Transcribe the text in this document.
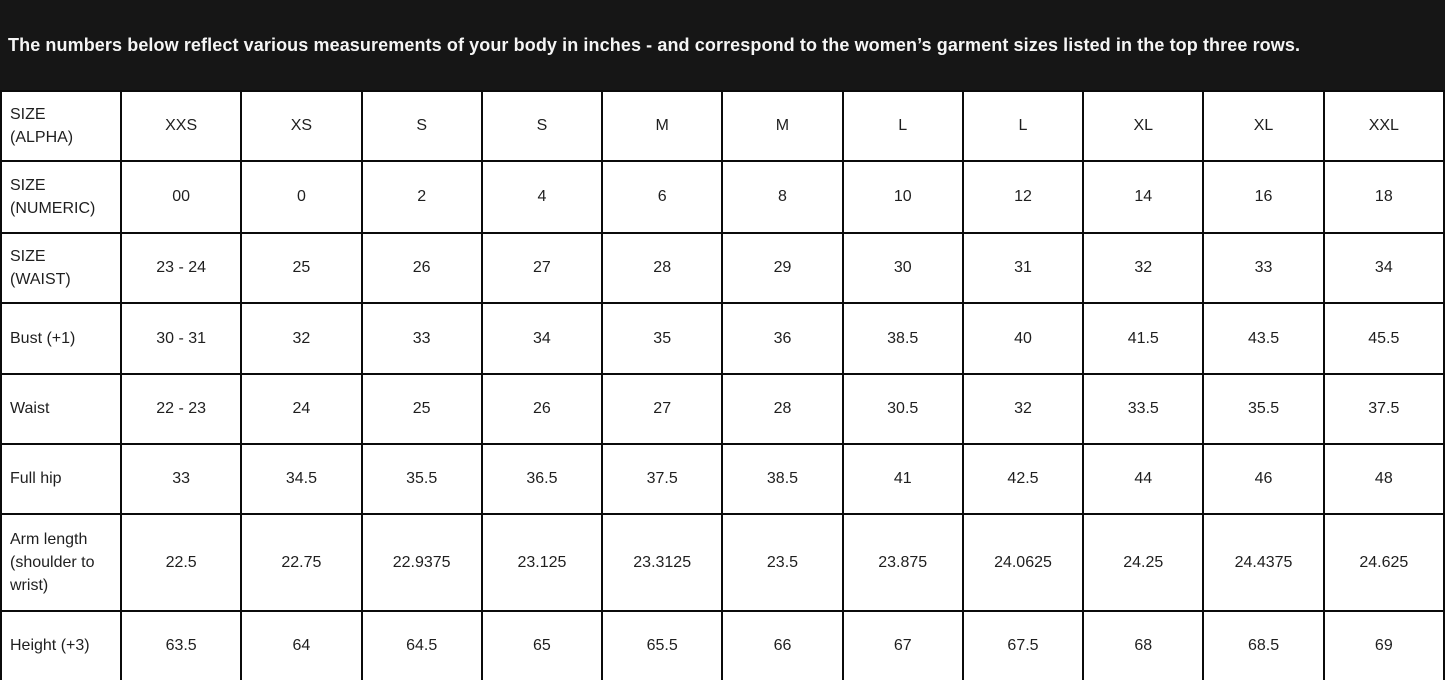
The numbers below reflect various measurements of your body in inches - and correspond to the women’s garment sizes listed in the top three rows.
SIZE (ALPHA)	XXS	XS	S	S	M	M	L	L	XL	XL	XXL
SIZE (NUMERIC)	00	0	2	4	6	8	10	12	14	16	18
SIZE (WAIST)	23 - 24	25	26	27	28	29	30	31	32	33	34
Bust (+1)	30 - 31	32	33	34	35	36	38.5	40	41.5	43.5	45.5
Waist	22 - 23	24	25	26	27	28	30.5	32	33.5	35.5	37.5
Full hip	33	34.5	35.5	36.5	37.5	38.5	41	42.5	44	46	48
Arm length (shoulder to wrist)	22.5	22.75	22.9375	23.125	23.3125	23.5	23.875	24.0625	24.25	24.4375	24.625
Height (+3)	63.5	64	64.5	65	65.5	66	67	67.5	68	68.5	69
